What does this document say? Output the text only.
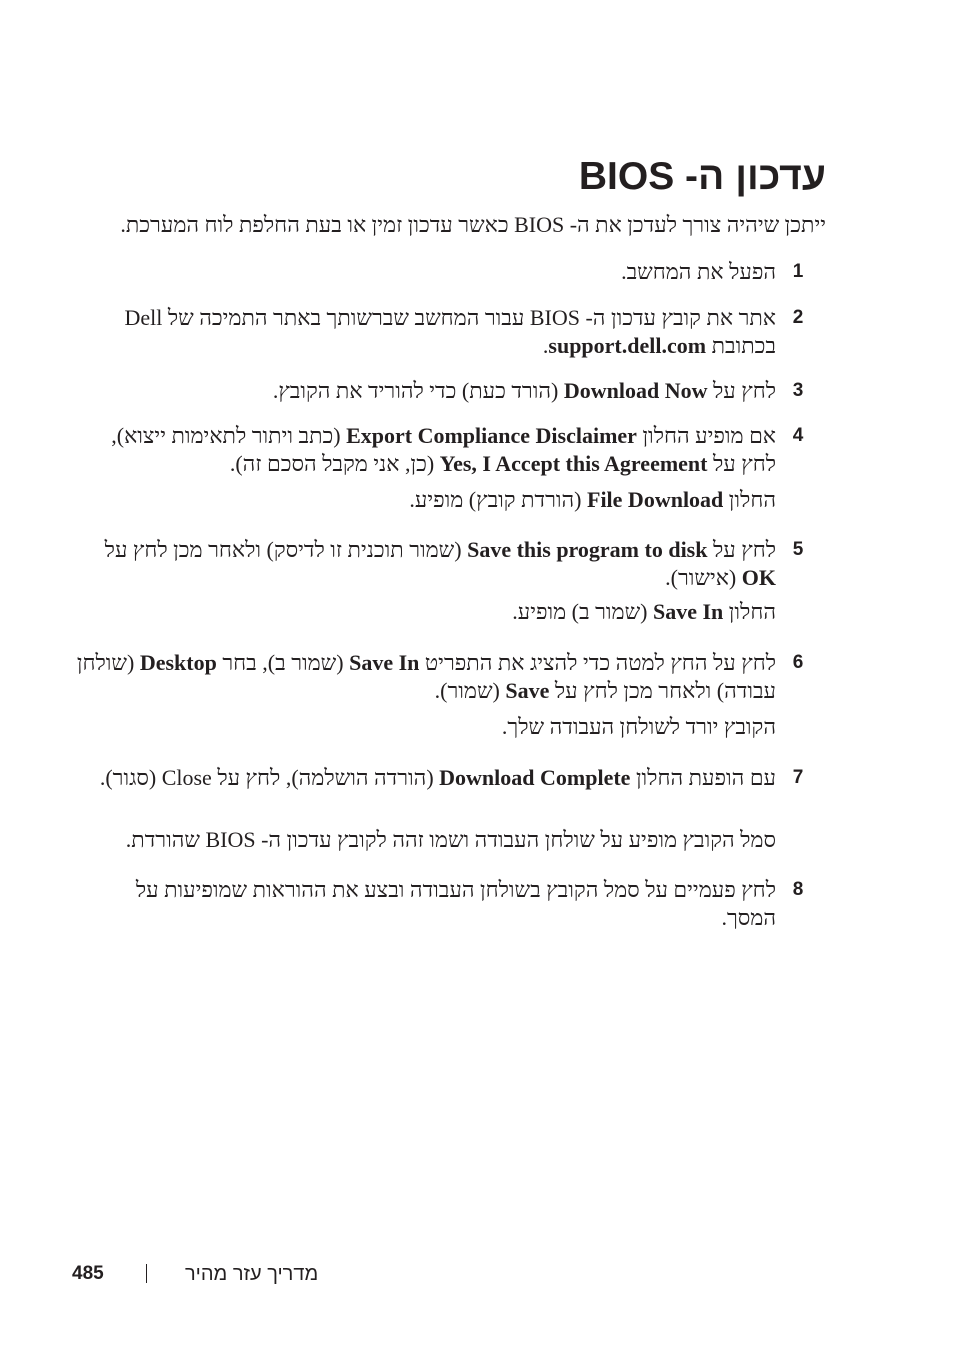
עדכון ה- BIOS

ייתכן שיהיה צורך לעדכן את ה- BIOS כאשר עדכון זמין או בעת החלפת לוח המערכת.

1

הפעל את המחשב.

2

אתר את קובץ עדכון ה- BIOS עבור המחשב שברשותך באתר התמיכה של Dell בכתובת support.dell.com.

3

לחץ על Download Now (הורד כעת) כדי להוריד את הקובץ.

4

אם מופיע החלון Export Compliance Disclaimer (כתב ויתור לתאימות ייצוא), לחץ על Yes, I Accept this Agreement (כן, אני מקבל הסכם זה).

החלון File Download (הורדת קובץ) מופיע.

5

לחץ על Save this program to disk (שמור תוכנית זו לדיסק) ולאחר מכן לחץ על OK (אישור).

החלון Save In (שמור ב) מופיע.

6

לחץ על החץ למטה כדי להציג את התפריט Save In (שמור ב), בחר Desktop (שולחן עבודה) ולאחר מכן לחץ על Save (שמור).

הקובץ יורד לשולחן העבודה שלך.

7

עם הופעת החלון Download Complete (הורדה הושלמה), לחץ על Close (סגור).

סמל הקובץ מופיע על שולחן העבודה ושמו זהה לקובץ עדכון ה- BIOS שהורדת.

8

לחץ פעמיים על סמל הקובץ בשולחן העבודה ובצע את ההוראות שמופיעות על המסך.

485	מדריך עזר מהיר
